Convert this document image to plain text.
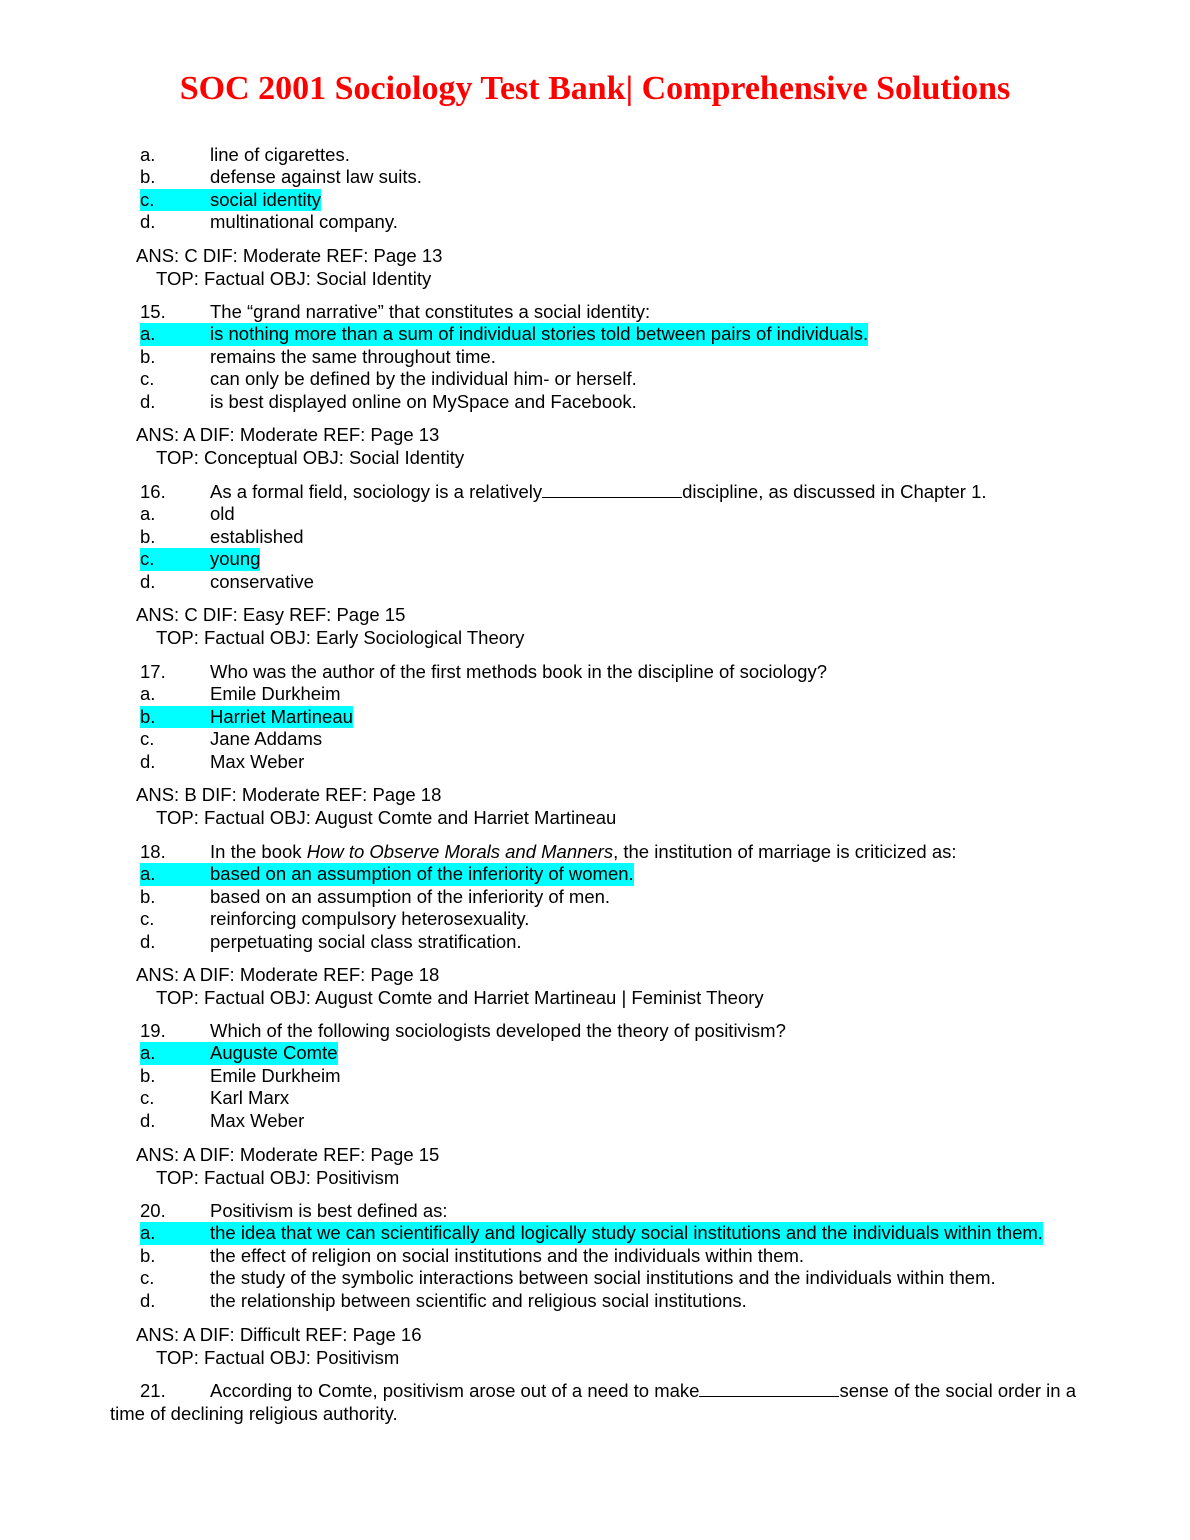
SOC 2001 Sociology Test Bank| Comprehensive Solutions
a.	line of cigarettes.
b.	defense against law suits.
c.	social identity
d.	multinational company.
ANS: C DIF: Moderate REF: Page 13
TOP: Factual OBJ: Social Identity
15. The “grand narrative” that constitutes a social identity:
a.	is nothing more than a sum of individual stories told between pairs of individuals.
b.	remains the same throughout time.
c.	can only be defined by the individual him- or herself.
d.	is best displayed online on MySpace and Facebook.
ANS: A DIF: Moderate REF: Page 13
TOP: Conceptual OBJ: Social Identity
16. As a formal field, sociology is a relatively	discipline, as discussed in Chapter 1.
a.	old
b.	established
c.	young
d.	conservative
ANS: C DIF: Easy REF: Page 15
TOP: Factual OBJ: Early Sociological Theory
17. Who was the author of the first methods book in the discipline of sociology?
a.	Emile Durkheim
b.	Harriet Martineau
c.	Jane Addams
d.	Max Weber
ANS: B DIF: Moderate REF: Page 18
TOP: Factual OBJ: August Comte and Harriet Martineau
18. In the book How to Observe Morals and Manners, the institution of marriage is criticized as:
a.	based on an assumption of the inferiority of women.
b.	based on an assumption of the inferiority of men.
c.	reinforcing compulsory heterosexuality.
d.	perpetuating social class stratification.
ANS: A DIF: Moderate REF: Page 18
TOP: Factual OBJ: August Comte and Harriet Martineau | Feminist Theory
19. Which of the following sociologists developed the theory of positivism?
a.	Auguste Comte
b.	Emile Durkheim
c.	Karl Marx
d.	Max Weber
ANS: A DIF: Moderate REF: Page 15
TOP: Factual OBJ: Positivism
20. Positivism is best defined as:
a.	the idea that we can scientifically and logically study social institutions and the individuals within them.
b.	the effect of religion on social institutions and the individuals within them.
c.	the study of the symbolic interactions between social institutions and the individuals within them.
d.	the relationship between scientific and religious social institutions.
ANS: A DIF: Difficult REF: Page 16
TOP: Factual OBJ: Positivism
21. According to Comte, positivism arose out of a need to make	sense of the social order in a
time of declining religious authority.
